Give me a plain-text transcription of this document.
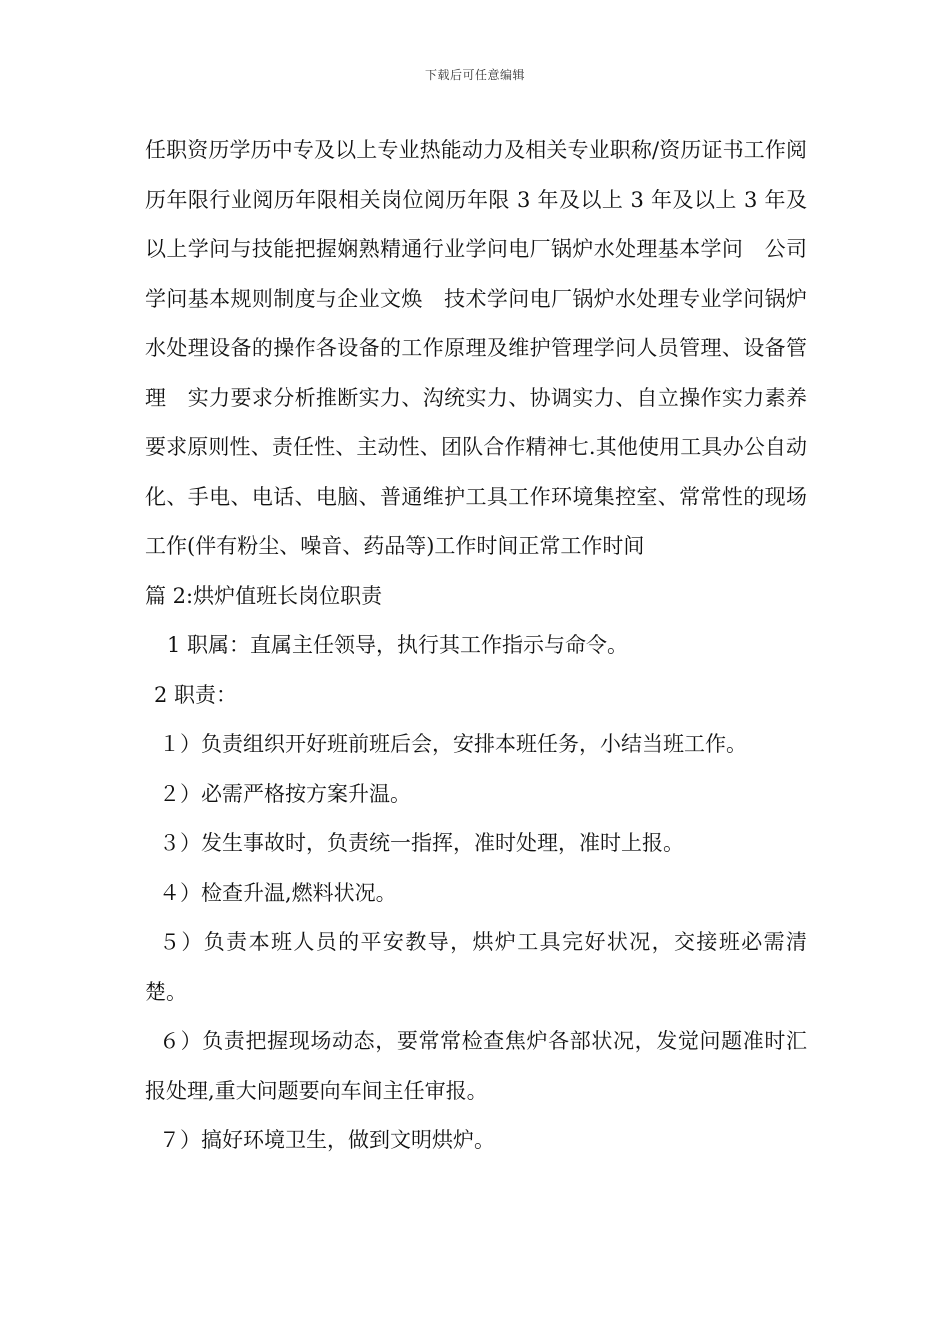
下载后可任意编辑

任职资历学历中专及以上专业热能动力及相关专业职称/资历证书工作阅历年限行业阅历年限相关岗位阅历年限 3 年及以上 3 年及以上 3 年及以上学问与技能把握娴熟精通行业学问电厂锅炉水处理基本学问　公司学问基本规则制度与企业文焕　技术学问电厂锅炉水处理专业学问锅炉水处理设备的操作各设备的工作原理及维护管理学问人员管理、设备管理　实力要求分析推断实力、沟统实力、协调实力、自立操作实力素养要求原则性、责任性、主动性、团队合作精神七.其他使用工具办公自动化、手电、电话、电脑、普通维护工具工作环境集控室、常常性的现场工作(伴有粉尘、噪音、药品等)工作时间正常工作时间

篇 2:烘炉值班长岗位职责
1 职属：直属主任领导，执行其工作指示与命令。
2 职责：
１）负责组织开好班前班后会，安排本班任务，小结当班工作。
２）必需严格按方案升温。
３）发生事故时，负责统一指挥，准时处理，准时上报。
４）检查升温,燃料状况。

５）负责本班人员的平安教导，烘炉工具完好状况，交接班必需清楚。

６）负责把握现场动态，要常常检查焦炉各部状况，发觉问题准时汇报处理,重大问题要向车间主任审报。

７）搞好环境卫生，做到文明烘炉。
